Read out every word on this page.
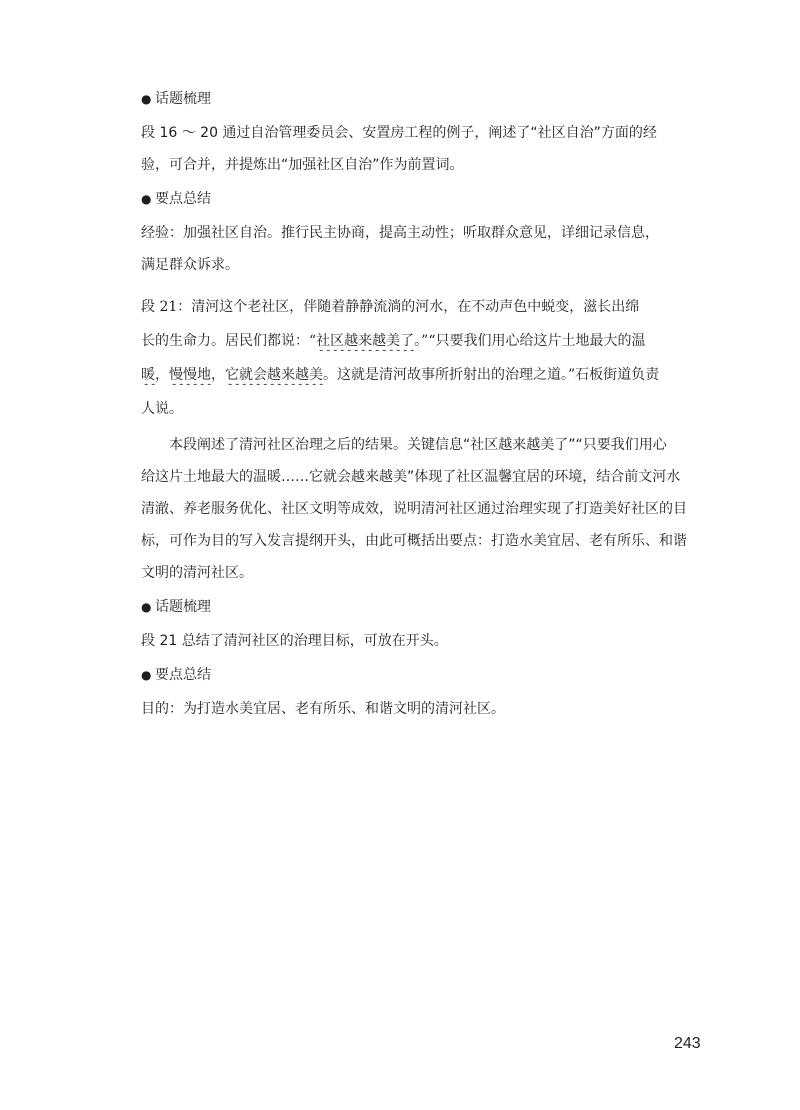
● 话题梳理

段 16 ～ 20 通过自治管理委员会、安置房工程的例子，阐述了“社区自治”方面的经

验，可合并，并提炼出“加强社区自治”作为前置词。

● 要点总结

经验：加强社区自治。推行民主协商，提高主动性；听取群众意见，详细记录信息，

满足群众诉求。

段 21：清河这个老社区，伴随着静静流淌的河水，在不动声色中蜕变，滋长出绵

长的生命力。居民们都说：“社区越来越美了。”“只要我们用心给这片土地最大的温

暖，慢慢地，它就会越来越美。这就是清河故事所折射出的治理之道。”石板街道负责

人说。

本段阐述了清河社区治理之后的结果。关键信息“社区越来越美了”“只要我们用心

给这片土地最大的温暖……它就会越来越美”体现了社区温馨宜居的环境，结合前文河水

清澈、养老服务优化、社区文明等成效，说明清河社区通过治理实现了打造美好社区的目

标，可作为目的写入发言提纲开头，由此可概括出要点：打造水美宜居、老有所乐、和谐

文明的清河社区。

● 话题梳理

段 21 总结了清河社区的治理目标，可放在开头。

● 要点总结

目的：为打造水美宜居、老有所乐、和谐文明的清河社区。

243
